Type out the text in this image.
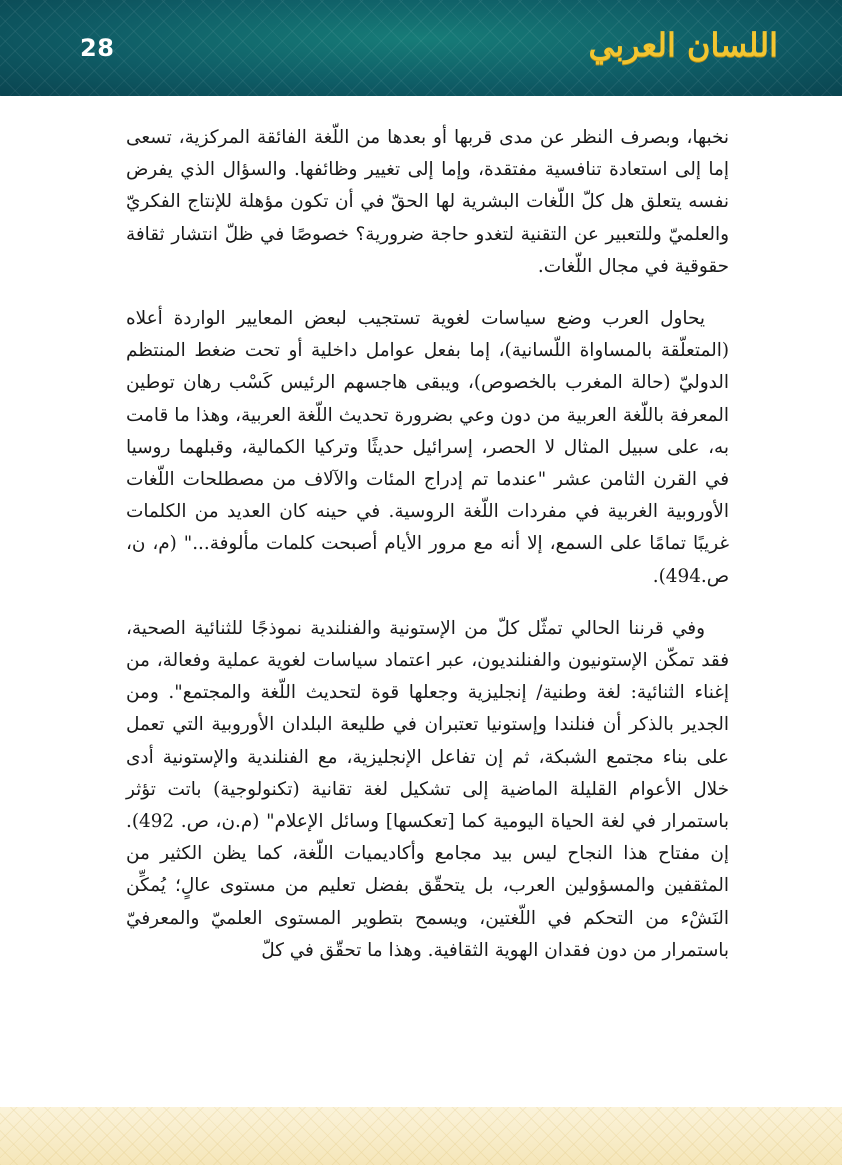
28	اللسان العربي

نخبها، وبصرف النظر عن مدى قربها أو بعدها من اللّغة الفائقة المركزية، تسعى إما إلى استعادة تنافسية مفتقدة، وإما إلى تغيير وظائفها. والسؤال الذي يفرض نفسه يتعلق هل كلّ اللّغات البشرية لها الحقّ في أن تكون مؤهلة للإنتاج الفكريّ والعلميّ وللتعبير عن التقنية لتغدو حاجة ضرورية؟ خصوصًا في ظلّ انتشار ثقافة حقوقية في مجال اللّغات.

يحاول العرب وضع سياسات لغوية تستجيب لبعض المعايير الواردة أعلاه (المتعلّقة بالمساواة اللّسانية)، إما بفعل عوامل داخلية أو تحت ضغط المنتظم الدوليّ (حالة المغرب بالخصوص)، ويبقى هاجسهم الرئيس كَسْب رهان توطين المعرفة باللّغة العربية من دون وعي بضرورة تحديث اللّغة العربية، وهذا ما قامت به، على سبيل المثال لا الحصر، إسرائيل حديثًا وتركيا الكمالية، وقبلهما روسيا في القرن الثامن عشر "عندما تم إدراج المئات والآلاف من مصطلحات اللّغات الأوروبية الغربية في مفردات اللّغة الروسية. في حينه كان العديد من الكلمات غريبًا تمامًا على السمع، إلا أنه مع مرور الأيام أصبحت كلمات مألوفة..." (م، ن، ص.494).

وفي قرننا الحالي تمثّل كلّ من الإستونية والفنلندية نموذجًا للثنائية الصحية، فقد تمكّن الإستونيون والفنلنديون، عبر اعتماد سياسات لغوية عملية وفعالة، من إغناء الثنائية: لغة وطنية/ إنجليزية وجعلها قوة لتحديث اللّغة والمجتمع". ومن الجدير بالذكر أن فنلندا وإستونيا تعتبران في طليعة البلدان الأوروبية التي تعمل على بناء مجتمع الشبكة، ثم إن تفاعل الإنجليزية، مع الفنلندية والإستونية أدى خلال الأعوام القليلة الماضية إلى تشكيل لغة تقانية (تكنولوجية) باتت تؤثر باستمرار في لغة الحياة اليومية كما [تعكسها] وسائل الإعلام" (م.ن، ص. 492). إن مفتاح هذا النجاح ليس بيد مجامع وأكاديميات اللّغة، كما يظن الكثير من المثقفين والمسؤولين العرب، بل يتحقّق بفضل تعليم من مستوى عالٍ؛ يُمكِّن النَشْء من التحكم في اللّغتين، ويسمح بتطوير المستوى العلميّ والمعرفيّ باستمرار من دون فقدان الهوية الثقافية. وهذا ما تحقّق في كلّ
